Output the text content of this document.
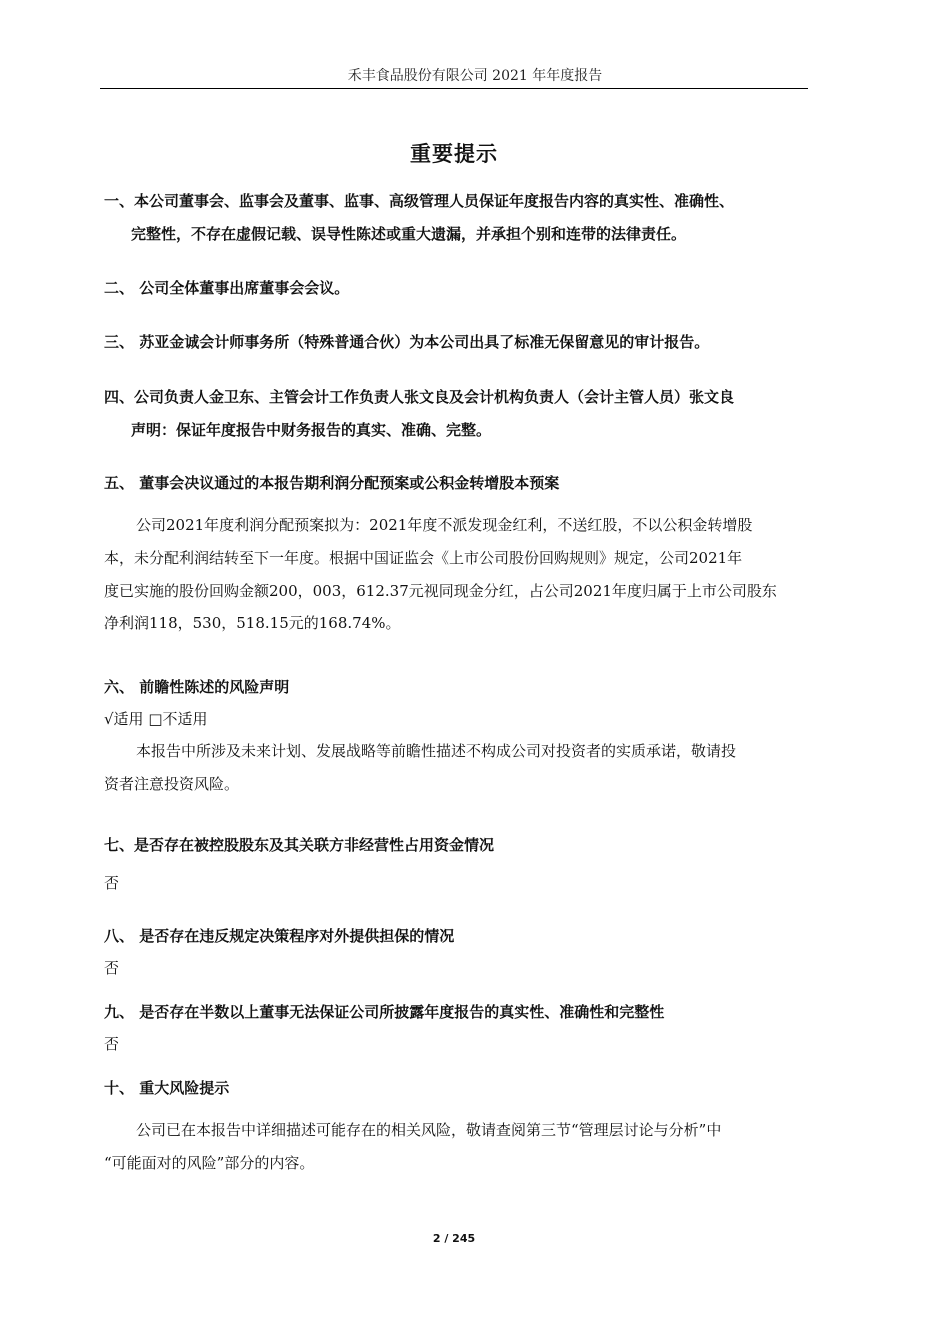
禾丰食品股份有限公司 2021 年年度报告
重要提示
一、本公司董事会、监事会及董事、监事、高级管理人员保证年度报告内容的真实性、准确性、
完整性，不存在虚假记载、误导性陈述或重大遗漏，并承担个别和连带的法律责任。
二、 公司全体董事出席董事会会议。
三、 苏亚金诚会计师事务所（特殊普通合伙）为本公司出具了标准无保留意见的审计报告。
四、公司负责人金卫东、主管会计工作负责人张文良及会计机构负责人（会计主管人员）张文良
声明：保证年度报告中财务报告的真实、准确、完整。
五、 董事会决议通过的本报告期利润分配预案或公积金转增股本预案
公司2021年度利润分配预案拟为：2021年度不派发现金红利，不送红股，不以公积金转增股
本，未分配利润结转至下一年度。根据中国证监会《上市公司股份回购规则》规定，公司2021年
度已实施的股份回购金额200，003，612.37元视同现金分红，占公司2021年度归属于上市公司股东
净利润118，530，518.15元的168.74%。
六、 前瞻性陈述的风险声明
√适用 □不适用
本报告中所涉及未来计划、发展战略等前瞻性描述不构成公司对投资者的实质承诺，敬请投
资者注意投资风险。
七、是否存在被控股股东及其关联方非经营性占用资金情况
否
八、 是否存在违反规定决策程序对外提供担保的情况
否
九、 是否存在半数以上董事无法保证公司所披露年度报告的真实性、准确性和完整性
否
十、 重大风险提示
公司已在本报告中详细描述可能存在的相关风险，敬请查阅第三节“管理层讨论与分析”中
“可能面对的风险”部分的内容。
2 / 245
